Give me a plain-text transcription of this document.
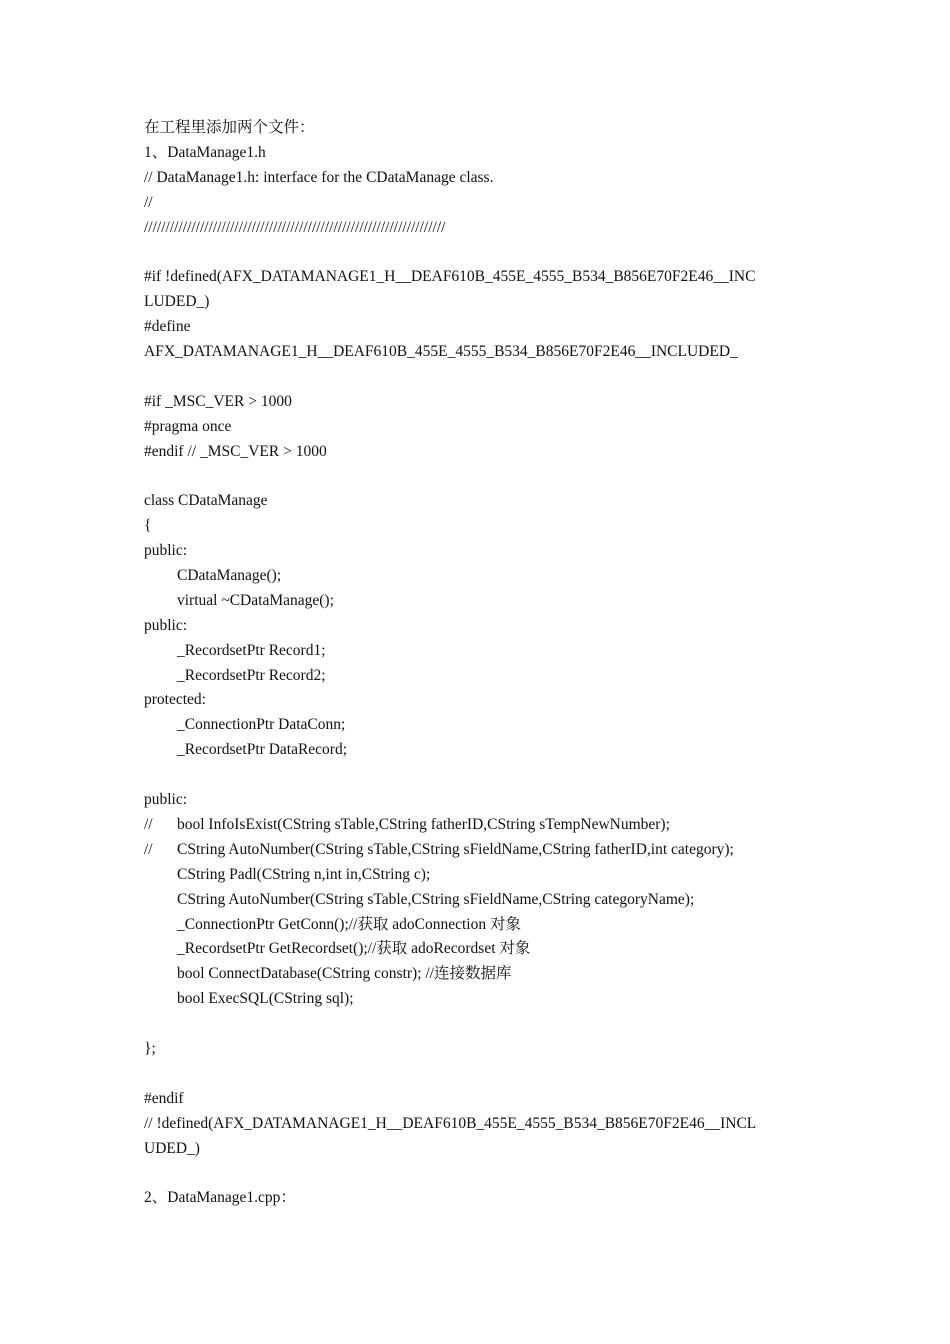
在工程里添加两个文件：
1、DataManage1.h
// DataManage1.h: interface for the CDataManage class.
//
//////////////////////////////////////////////////////////////////////
#if !defined(AFX_DATAMANAGE1_H__DEAF610B_455E_4555_B534_B856E70F2E46__INC
LUDED_)
#define
AFX_DATAMANAGE1_H__DEAF610B_455E_4555_B534_B856E70F2E46__INCLUDED_
#if _MSC_VER > 1000
#pragma once
#endif // _MSC_VER > 1000
class CDataManage
{
public:
CDataManage();
virtual ~CDataManage();
public:
_RecordsetPtr Record1;
_RecordsetPtr Record2;
protected:
_ConnectionPtr DataConn;
_RecordsetPtr DataRecord;
public:
// bool InfoIsExist(CString sTable,CString fatherID,CString sTempNewNumber);
// CString AutoNumber(CString sTable,CString sFieldName,CString fatherID,int category);
CString Padl(CString n,int in,CString c);
CString AutoNumber(CString sTable,CString sFieldName,CString categoryName);
_ConnectionPtr GetConn();//获取 adoConnection 对象
_RecordsetPtr GetRecordset();//获取 adoRecordset 对象
bool ConnectDatabase(CString constr); //连接数据库
bool ExecSQL(CString sql);
};
#endif
// !defined(AFX_DATAMANAGE1_H__DEAF610B_455E_4555_B534_B856E70F2E46__INCL
UDED_)
2、DataManage1.cpp：
